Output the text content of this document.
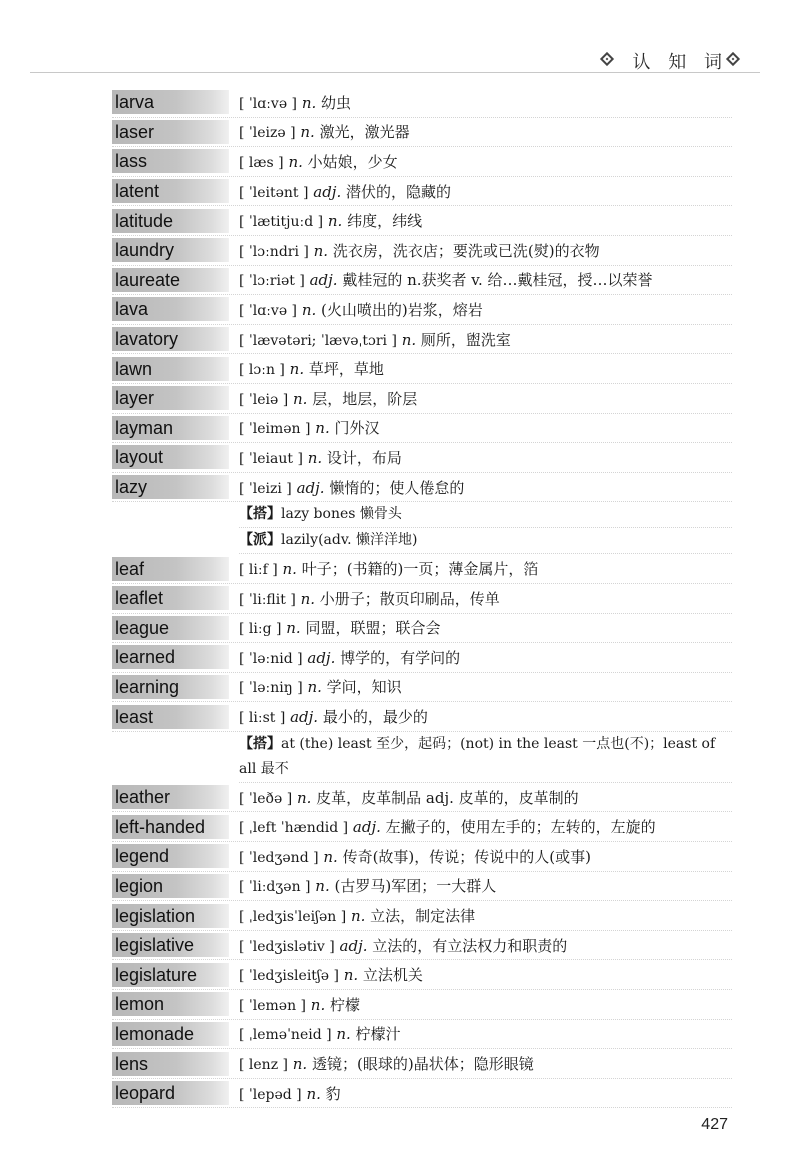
认 知 词
larva	[ ˈlɑːvə ] n. 幼虫
laser	[ ˈleizə ] n. 激光，激光器
lass	[ læs ] n. 小姑娘，少女
latent	[ ˈleitənt ] adj. 潜伏的，隐藏的
latitude	[ ˈlætitjuːd ] n. 纬度，纬线
laundry	[ ˈlɔːndri ] n. 洗衣房，洗衣店；要洗或已洗(熨)的衣物
laureate	[ ˈlɔːriət ] adj. 戴桂冠的 n.获奖者 v. 给…戴桂冠，授…以荣誉
lava	[ ˈlɑːvə ] n. (火山喷出的)岩浆，熔岩
lavatory	[ ˈlævətəri; ˈlævəˌtɔri ] n. 厕所，盥洗室
lawn	[ lɔːn ] n. 草坪，草地
layer	[ ˈleiə ] n. 层，地层，阶层
layman	[ ˈleimən ] n. 门外汉
layout	[ ˈleiaut ] n. 设计，布局
lazy	[ ˈleizi ] adj. 懒惰的；使人倦怠的
【搭】lazy bones 懒骨头
【派】lazily(adv. 懒洋洋地)
leaf	[ liːf ] n. 叶子；(书籍的)一页；薄金属片，箔
leaflet	[ ˈliːflit ] n. 小册子；散页印刷品，传单
league	[ liːg ] n. 同盟，联盟；联合会
learned	[ ˈləːnid ] adj. 博学的，有学问的
learning	[ ˈləːniŋ ] n. 学问，知识
least	[ liːst ] adj. 最小的，最少的
【搭】at (the) least 至少，起码；(not) in the least 一点也(不)；least of all 最不
leather	[ ˈleðə ] n. 皮革，皮革制品 adj. 皮革的，皮革制的
left-handed	[ ˌleft ˈhændid ] adj. 左撇子的，使用左手的；左转的，左旋的
legend	[ ˈledʒənd ] n. 传奇(故事)，传说；传说中的人(或事)
legion	[ ˈliːdʒən ] n. (古罗马)军团；一大群人
legislation	[ ˌledʒisˈleiʃən ] n. 立法，制定法律
legislative	[ ˈledʒislətiv ] adj. 立法的，有立法权力和职责的
legislature	[ ˈledʒisleitʃə ] n. 立法机关
lemon	[ ˈlemən ] n. 柠檬
lemonade	[ ˌleməˈneid ] n. 柠檬汁
lens	[ lenz ] n. 透镜；(眼球的)晶状体；隐形眼镜
leopard	[ ˈlepəd ] n. 豹
427
